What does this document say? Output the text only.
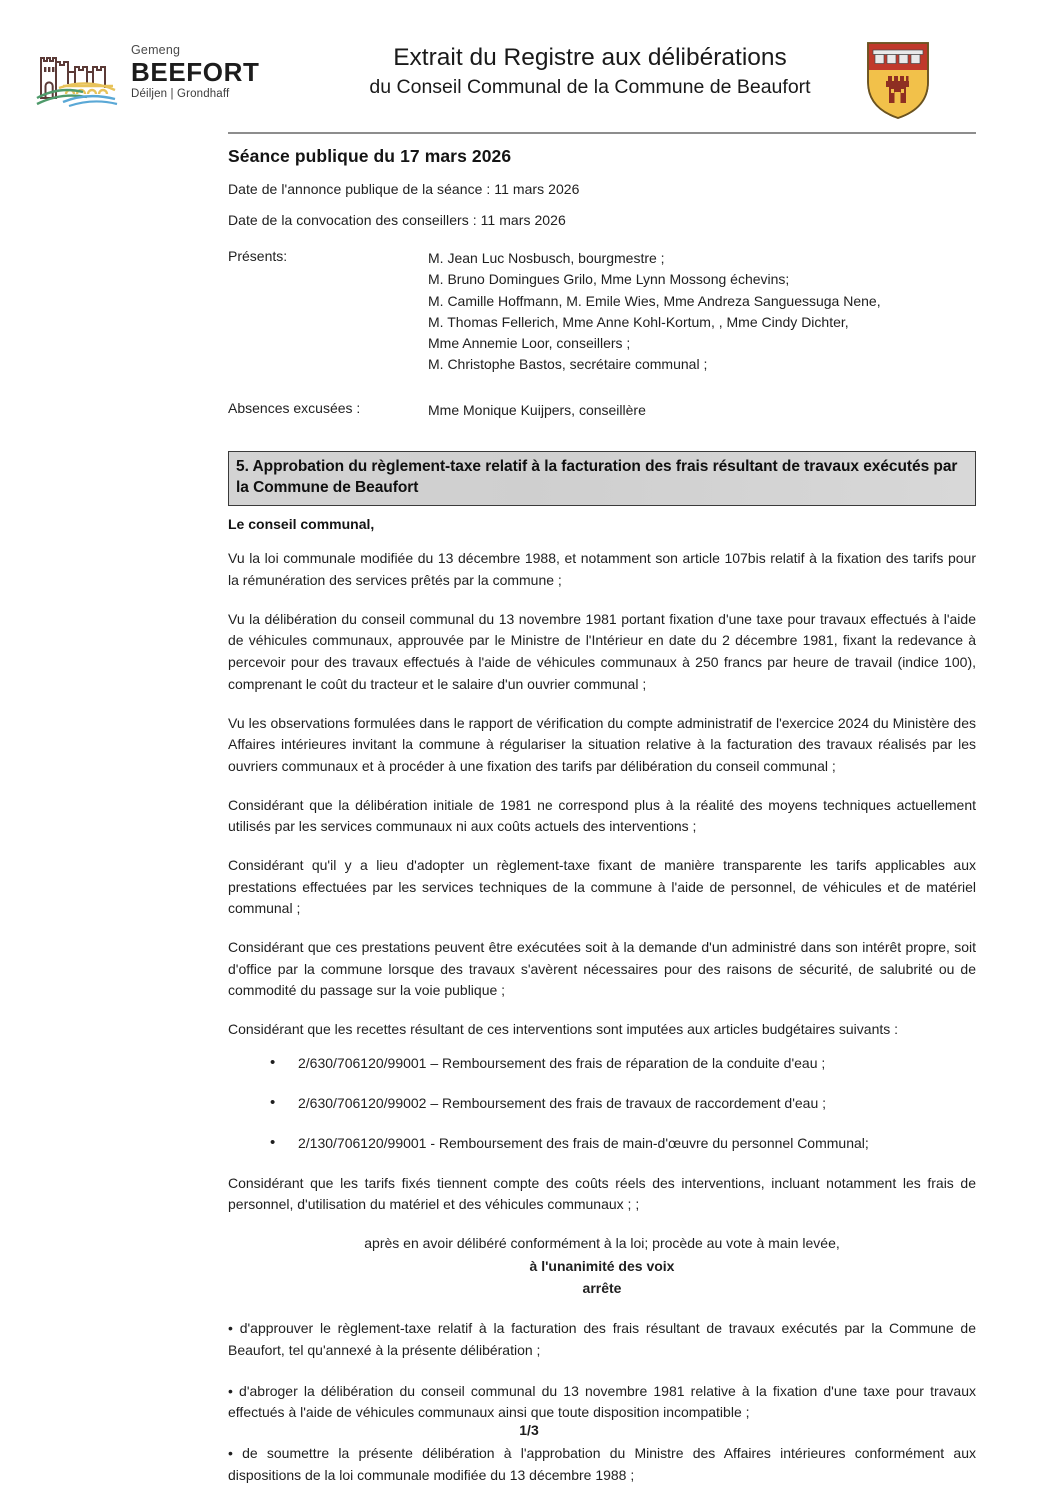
Gemeng
BEEFORT
Déiljen | Grondhaff
Extrait du Registre aux délibérations
du Conseil Communal de la Commune de Beaufort
Séance publique du 17 mars 2026
Date de l'annonce publique de la séance : 11 mars 2026
Date de la convocation des conseillers : 11 mars 2026
Présents:	M. Jean Luc Nosbusch, bourgmestre ;
M. Bruno Domingues Grilo, Mme Lynn Mossong échevins;
M. Camille Hoffmann, M. Emile Wies, Mme Andreza Sanguessuga Nene,
M. Thomas Fellerich, Mme Anne Kohl-Kortum, , Mme Cindy Dichter,
Mme Annemie Loor, conseillers ;
M. Christophe Bastos, secrétaire communal ;
Absences excusées :	Mme Monique Kuijpers, conseillère
5. Approbation du règlement-taxe relatif à la facturation des frais résultant de travaux exécutés par la Commune de Beaufort
Le conseil communal,

Vu la loi communale modifiée du 13 décembre 1988, et notamment son article 107bis relatif à la fixation des tarifs pour la rémunération des services prêtés par la commune ;

Vu la délibération du conseil communal du 13 novembre 1981 portant fixation d'une taxe pour travaux effectués à l'aide de véhicules communaux, approuvée par le Ministre de l'Intérieur en date du 2 décembre 1981, fixant la redevance à percevoir pour des travaux effectués à l'aide de véhicules communaux à 250 francs par heure de travail (indice 100), comprenant le coût du tracteur et le salaire d'un ouvrier communal ;

Vu les observations formulées dans le rapport de vérification du compte administratif de l'exercice 2024 du Ministère des Affaires intérieures invitant la commune à régulariser la situation relative à la facturation des travaux réalisés par les ouvriers communaux et à procéder à une fixation des tarifs par délibération du conseil communal ;

Considérant que la délibération initiale de 1981 ne correspond plus à la réalité des moyens techniques actuellement utilisés par les services communaux ni aux coûts actuels des interventions ;

Considérant qu'il y a lieu d'adopter un règlement-taxe fixant de manière transparente les tarifs applicables aux prestations effectuées par les services techniques de la commune à l'aide de personnel, de véhicules et de matériel communal ;

Considérant que ces prestations peuvent être exécutées soit à la demande d'un administré dans son intérêt propre, soit d'office par la commune lorsque des travaux s'avèrent nécessaires pour des raisons de sécurité, de salubrité ou de commodité du passage sur la voie publique ;

Considérant que les recettes résultant de ces interventions sont imputées aux articles budgétaires suivants :

• 2/630/706120/99001 – Remboursement des frais de réparation de la conduite d'eau ;
• 2/630/706120/99002 – Remboursement des frais de travaux de raccordement d'eau ;
• 2/130/706120/99001 - Remboursement des frais de main-d'œuvre du personnel Communal;

Considérant que les tarifs fixés tiennent compte des coûts réels des interventions, incluant notamment les frais de personnel, d'utilisation du matériel et des véhicules communaux ; ;

après en avoir délibéré conformément à la loi; procède au vote à main levée,
à l'unanimité des voix
arrête

• d'approuver le règlement-taxe relatif à la facturation des frais résultant de travaux exécutés par la Commune de Beaufort, tel qu'annexé à la présente délibération ;

• d'abroger la délibération du conseil communal du 13 novembre 1981 relative à la fixation d'une taxe pour travaux effectués à l'aide de véhicules communaux ainsi que toute disposition incompatible ;

• de soumettre la présente délibération à l'approbation du Ministre des Affaires intérieures conformément aux dispositions de la loi communale modifiée du 13 décembre 1988 ;

1/3
